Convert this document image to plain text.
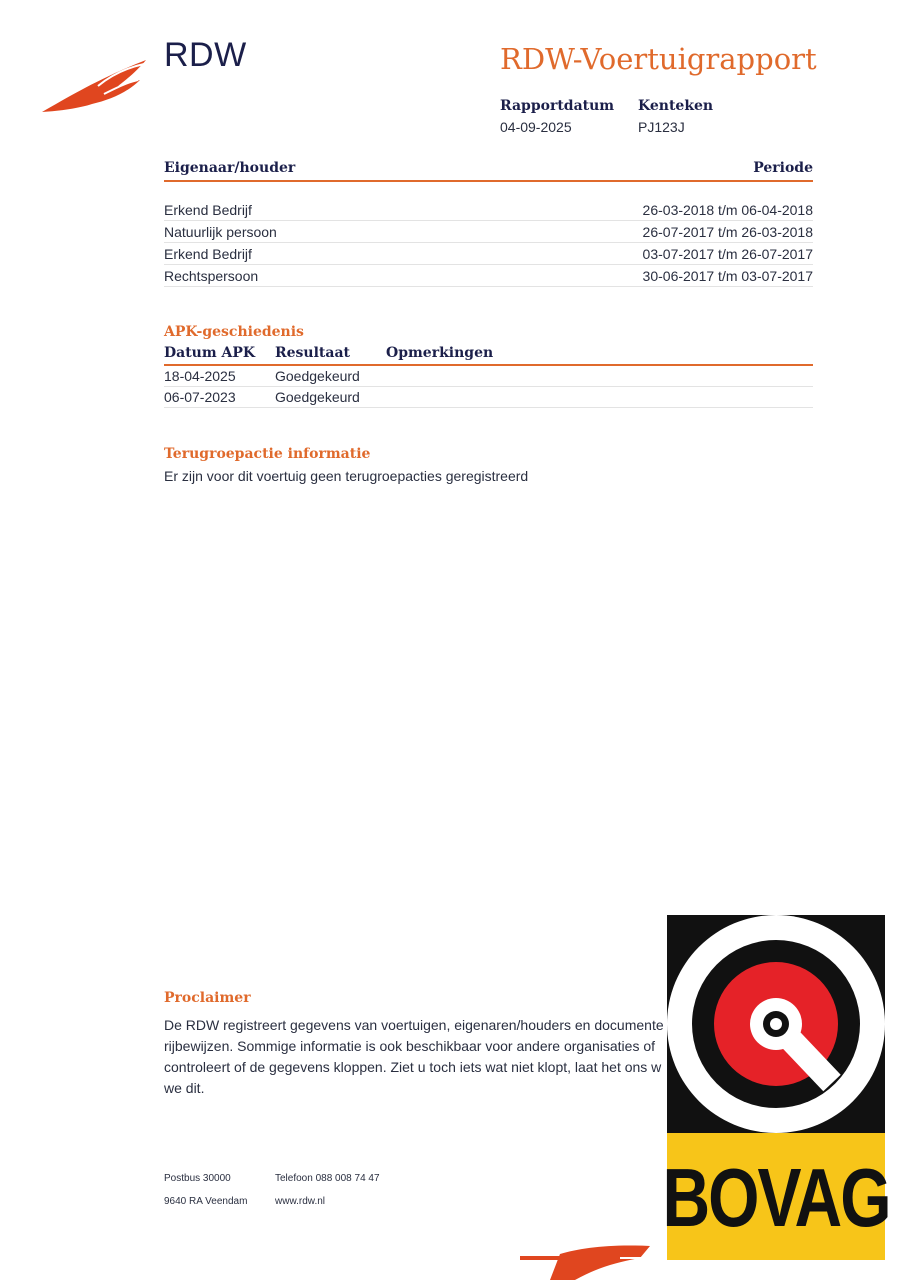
RDW	RDW-Voertuigrapport
Rapportdatum
04-09-2025
Kenteken
PJ123J
Eigenaar/houder	Periode
Erkend Bedrijf	26-03-2018 t/m 06-04-2018
Natuurlijk persoon	26-07-2017 t/m 26-03-2018
Erkend Bedrijf	03-07-2017 t/m 26-07-2017
Rechtspersoon	30-06-2017 t/m 03-07-2017
APK-geschiedenis
Datum APK	Resultaat	Opmerkingen
18-04-2025	Goedgekeurd
06-07-2023	Goedgekeurd
Terugroepactie informatie

Er zijn voor dit voertuig geen terugroepacties geregistreerd

Proclaimer

De RDW registreert gegevens van voertuigen, eigenaren/houders en documente
rijbewijzen. Sommige informatie is ook beschikbaar voor andere organisaties of
controleert of de gegevens kloppen. Ziet u toch iets wat niet klopt, laat het ons w
we dit.

Postbus 30000
9640 RA Veendam
Telefoon 088 008 74 47
www.rdw.nl	BOVAG
